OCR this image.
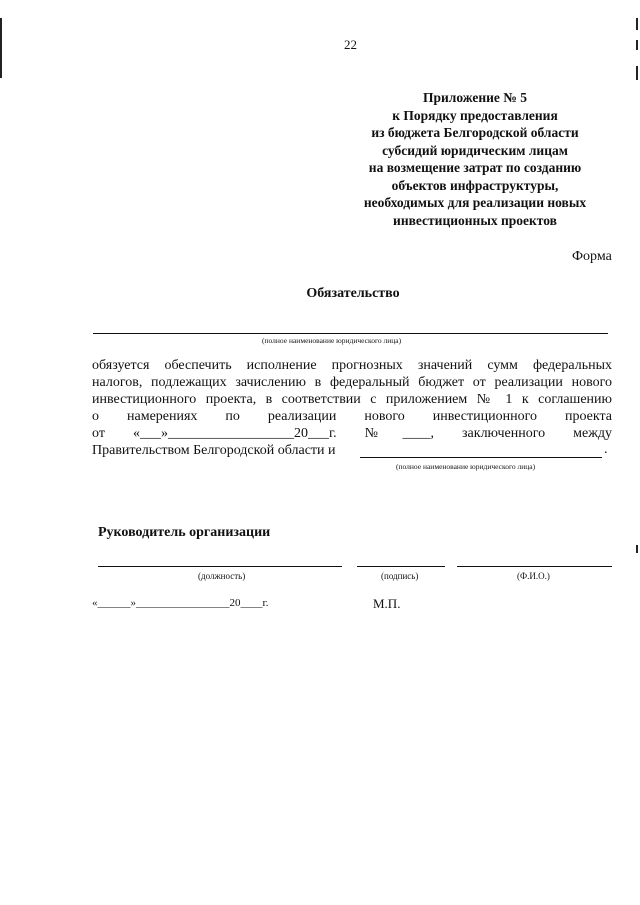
22
Приложение № 5
к Порядку предоставления
из бюджета Белгородской области
субсидий юридическим лицам
на возмещение затрат по созданию
объектов инфраструктуры,
необходимых для реализации новых
инвестиционных проектов
Форма
Обязательство
(полное наименование юридического лица)
обязуется обеспечить исполнение прогнозных значений сумм федеральных
налогов, подлежащих зачислению в федеральный бюджет от реализации нового
инвестиционного проекта, в соответствии с приложением № 1 к соглашению
о намерениях по реализации нового инвестиционного проекта
от «___»__________________20___г. №____, заключенного между
Правительством Белгородской области и	.
(полное наименование юридического лица)
Руководитель организации
(должность)	(подпись)	(Ф.И.О.)
«______»_________________20____г.	М.П.
